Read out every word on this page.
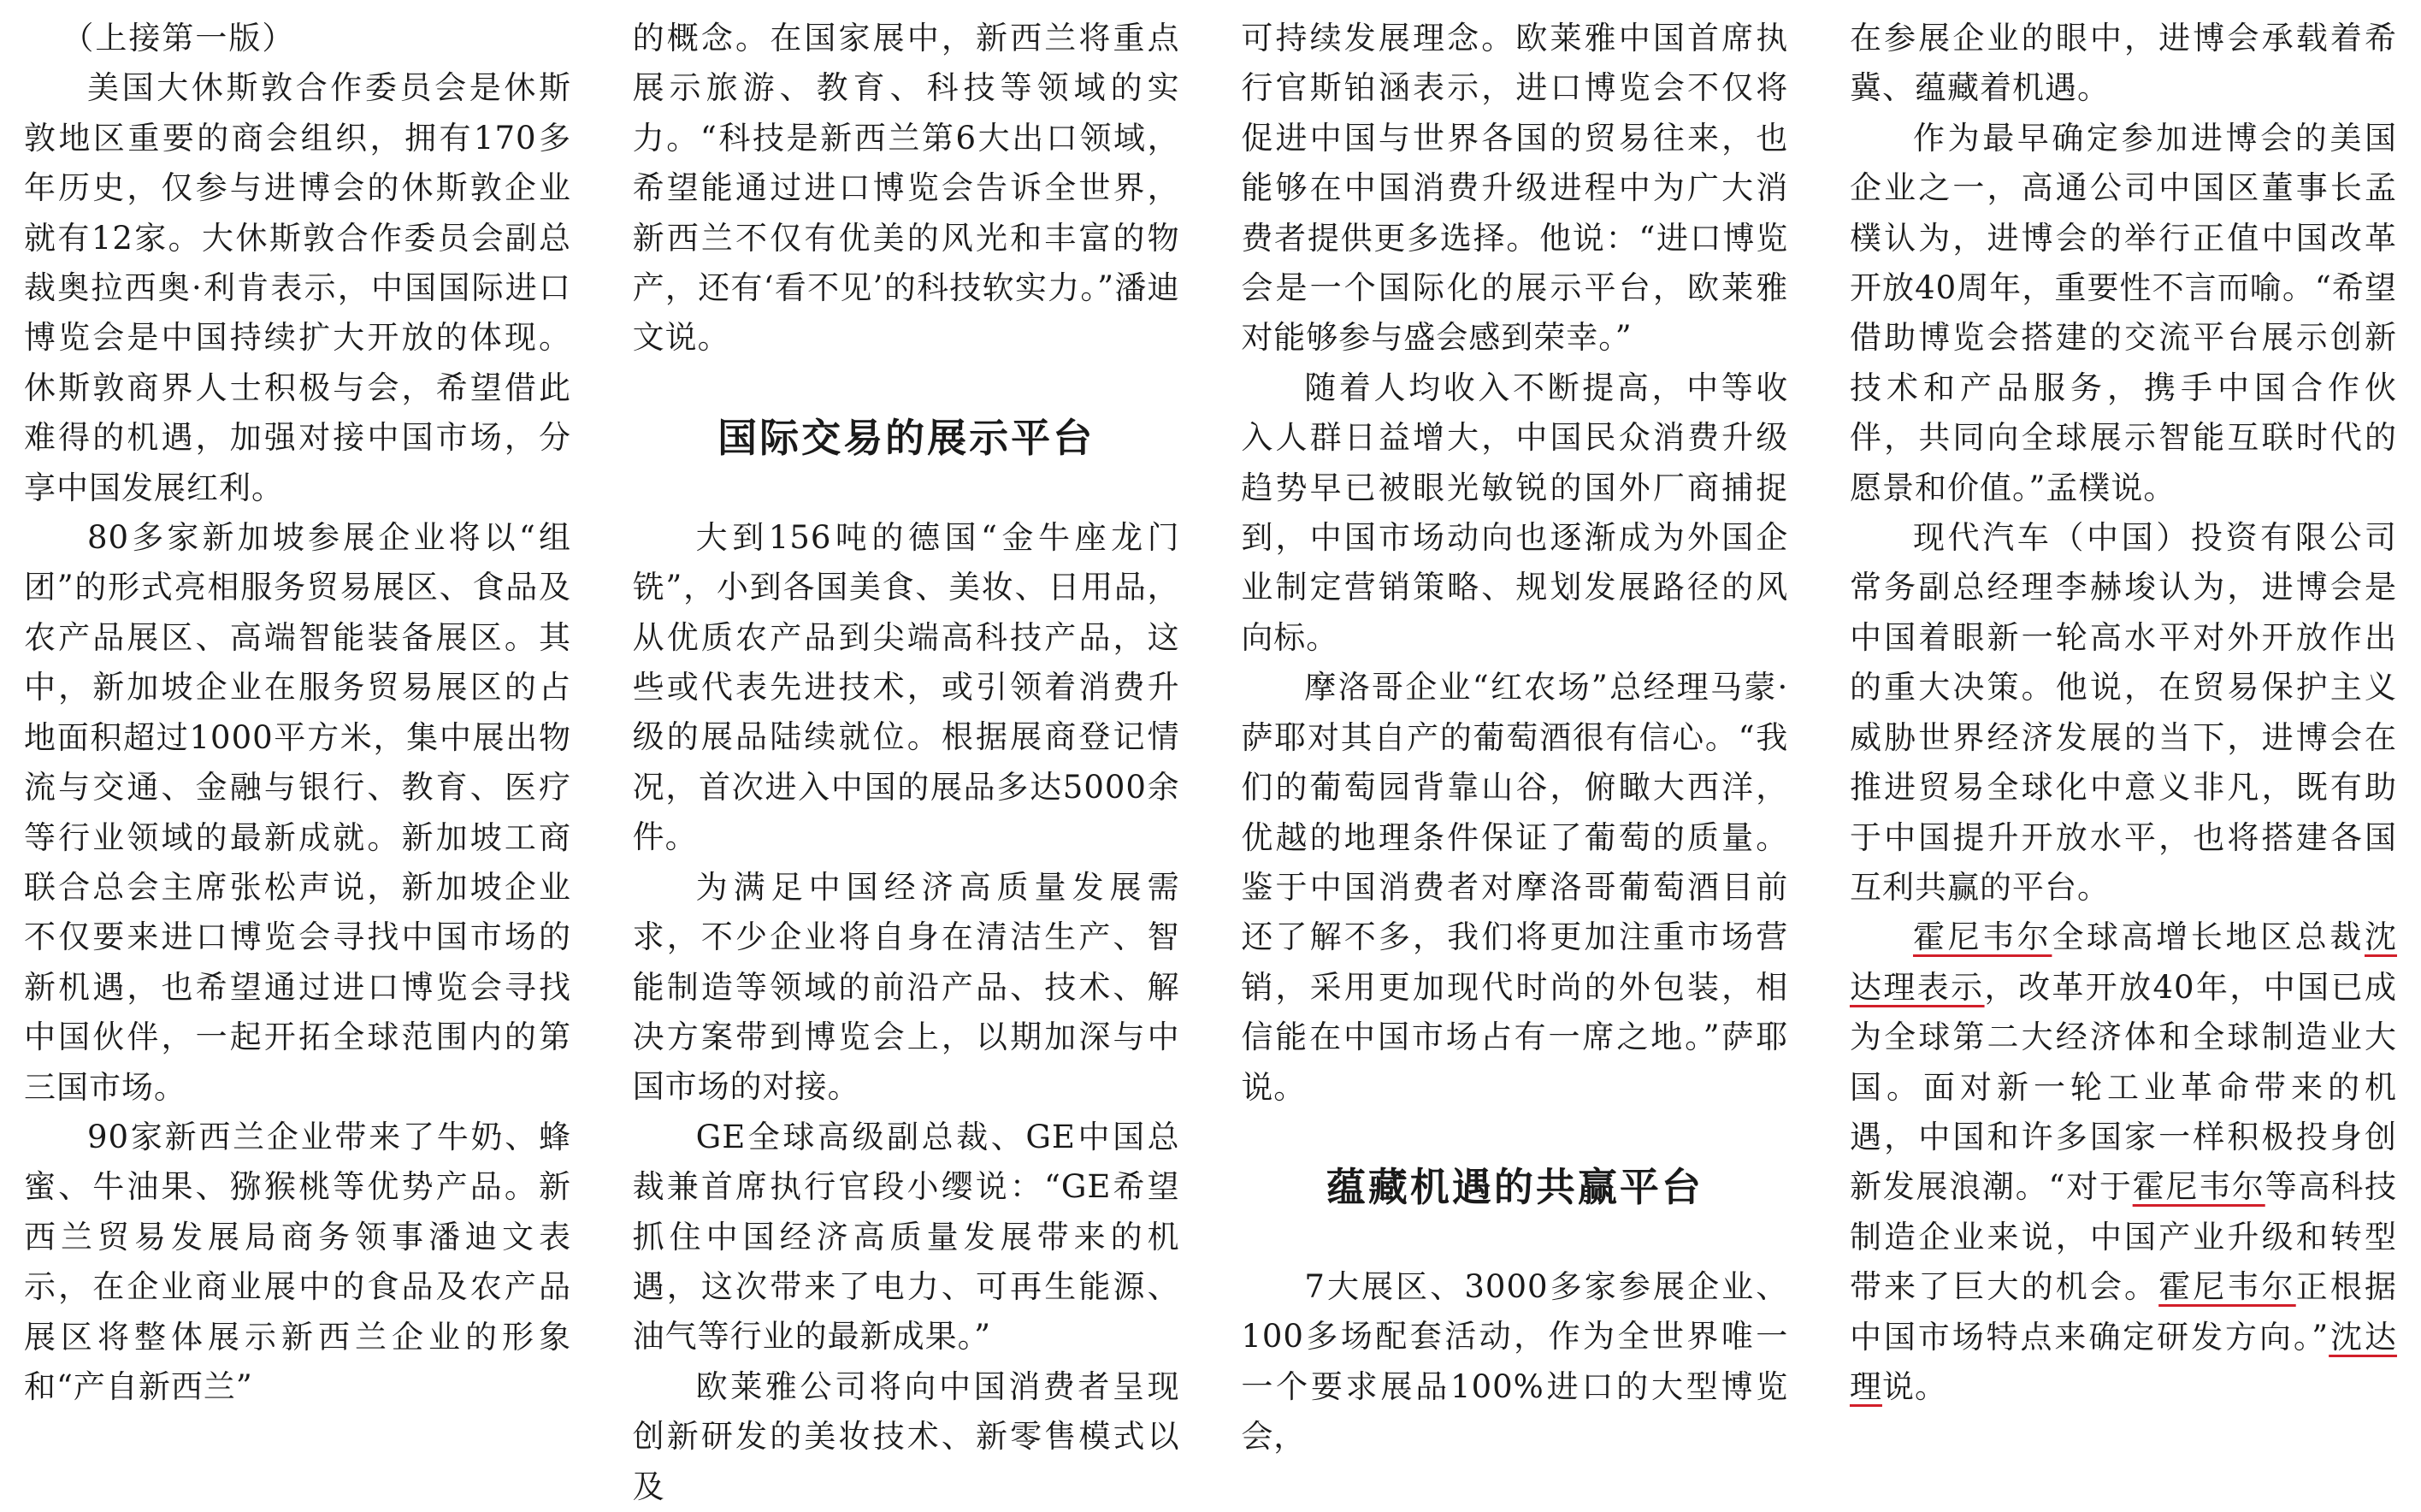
（上接第一版）

美国大休斯敦合作委员会是休斯敦地区重要的商会组织，拥有170多年历史，仅参与进博会的休斯敦企业就有12家。大休斯敦合作委员会副总裁奥拉西奥·利肯表示，中国国际进口博览会是中国持续扩大开放的体现。休斯敦商界人士积极与会，希望借此难得的机遇，加强对接中国市场，分享中国发展红利。

80多家新加坡参展企业将以“组团”的形式亮相服务贸易展区、食品及农产品展区、高端智能装备展区。其中，新加坡企业在服务贸易展区的占地面积超过1000平方米，集中展出物流与交通、金融与银行、教育、医疗等行业领域的最新成就。新加坡工商联合总会主席张松声说，新加坡企业不仅要来进口博览会寻找中国市场的新机遇，也希望通过进口博览会寻找中国伙伴，一起开拓全球范围内的第三国市场。

90家新西兰企业带来了牛奶、蜂蜜、牛油果、猕猴桃等优势产品。新西兰贸易发展局商务领事潘迪文表示，在企业商业展中的食品及农产品展区将整体展示新西兰企业的形象和“产自新西兰”

的概念。在国家展中，新西兰将重点展示旅游、教育、科技等领域的实力。“科技是新西兰第6大出口领域，希望能通过进口博览会告诉全世界，新西兰不仅有优美的风光和丰富的物产，还有‘看不见’的科技软实力。”潘迪文说。

国际交易的展示平台

大到156吨的德国“金牛座龙门铣”，小到各国美食、美妆、日用品，从优质农产品到尖端高科技产品，这些或代表先进技术，或引领着消费升级的展品陆续就位。根据展商登记情况，首次进入中国的展品多达5000余件。

为满足中国经济高质量发展需求，不少企业将自身在清洁生产、智能制造等领域的前沿产品、技术、解决方案带到博览会上，以期加深与中国市场的对接。

GE全球高级副总裁、GE中国总裁兼首席执行官段小缨说：“GE希望抓住中国经济高质量发展带来的机遇，这次带来了电力、可再生能源、油气等行业的最新成果。”

欧莱雅公司将向中国消费者呈现创新研发的美妆技术、新零售模式以及

可持续发展理念。欧莱雅中国首席执行官斯铂涵表示，进口博览会不仅将促进中国与世界各国的贸易往来，也能够在中国消费升级进程中为广大消费者提供更多选择。他说：“进口博览会是一个国际化的展示平台，欧莱雅对能够参与盛会感到荣幸。”

随着人均收入不断提高，中等收入人群日益增大，中国民众消费升级趋势早已被眼光敏锐的国外厂商捕捉到，中国市场动向也逐渐成为外国企业制定营销策略、规划发展路径的风向标。

摩洛哥企业“红农场”总经理马蒙·萨耶对其自产的葡萄酒很有信心。“我们的葡萄园背靠山谷，俯瞰大西洋，优越的地理条件保证了葡萄的质量。鉴于中国消费者对摩洛哥葡萄酒目前还了解不多，我们将更加注重市场营销，采用更加现代时尚的外包装，相信能在中国市场占有一席之地。”萨耶说。

蕴藏机遇的共赢平台

7大展区、3000多家参展企业、100多场配套活动，作为全世界唯一一个要求展品100%进口的大型博览会，

在参展企业的眼中，进博会承载着希冀、蕴藏着机遇。

作为最早确定参加进博会的美国企业之一，高通公司中国区董事长孟樸认为，进博会的举行正值中国改革开放40周年，重要性不言而喻。“希望借助博览会搭建的交流平台展示创新技术和产品服务，携手中国合作伙伴，共同向全球展示智能互联时代的愿景和价值。”孟樸说。

现代汽车（中国）投资有限公司常务副总经理李赫埈认为，进博会是中国着眼新一轮高水平对外开放作出的重大决策。他说，在贸易保护主义威胁世界经济发展的当下，进博会在推进贸易全球化中意义非凡，既有助于中国提升开放水平，也将搭建各国互利共赢的平台。

霍尼韦尔全球高增长地区总裁沈达理表示，改革开放40年，中国已成为全球第二大经济体和全球制造业大国。面对新一轮工业革命带来的机遇，中国和许多国家一样积极投身创新发展浪潮。“对于霍尼韦尔等高科技制造企业来说，中国产业升级和转型带来了巨大的机会。霍尼韦尔正根据中国市场特点来确定研发方向。”沈达理说。
